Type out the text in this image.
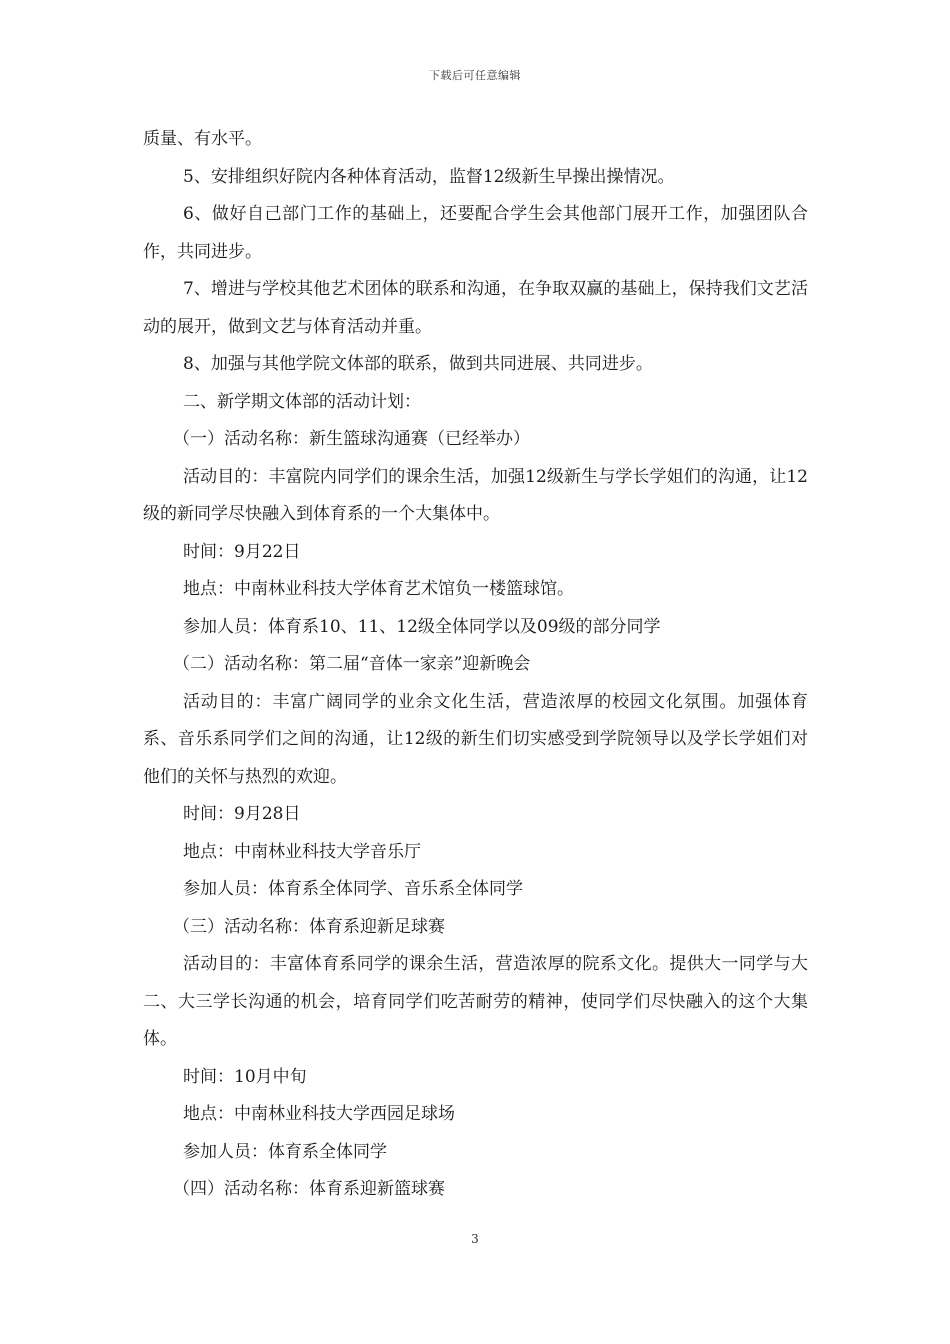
下载后可任意编辑

质量、有水平。

5、安排组织好院内各种体育活动，监督12级新生早操出操情况。

6、做好自己部门工作的基础上，还要配合学生会其他部门展开工作，加强团队合作，共同进步。

7、增进与学校其他艺术团体的联系和沟通，在争取双赢的基础上，保持我们文艺活动的展开，做到文艺与体育活动并重。

8、加强与其他学院文体部的联系，做到共同进展、共同进步。

二、新学期文体部的活动计划：

（一）活动名称：新生篮球沟通赛（已经举办）

活动目的：丰富院内同学们的课余生活，加强12级新生与学长学姐们的沟通，让12级的新同学尽快融入到体育系的一个大集体中。

时间：9月22日

地点：中南林业科技大学体育艺术馆负一楼篮球馆。

参加人员：体育系10、11、12级全体同学以及09级的部分同学

（二）活动名称：第二届“音体一家亲”迎新晚会

活动目的：丰富广阔同学的业余文化生活，营造浓厚的校园文化氛围。加强体育系、音乐系同学们之间的沟通，让12级的新生们切实感受到学院领导以及学长学姐们对他们的关怀与热烈的欢迎。

时间：9月28日

地点：中南林业科技大学音乐厅

参加人员：体育系全体同学、音乐系全体同学

（三）活动名称：体育系迎新足球赛

活动目的：丰富体育系同学的课余生活，营造浓厚的院系文化。提供大一同学与大二、大三学长沟通的机会，培育同学们吃苦耐劳的精神，使同学们尽快融入的这个大集体。

时间：10月中旬

地点：中南林业科技大学西园足球场

参加人员：体育系全体同学

（四）活动名称：体育系迎新篮球赛

3
